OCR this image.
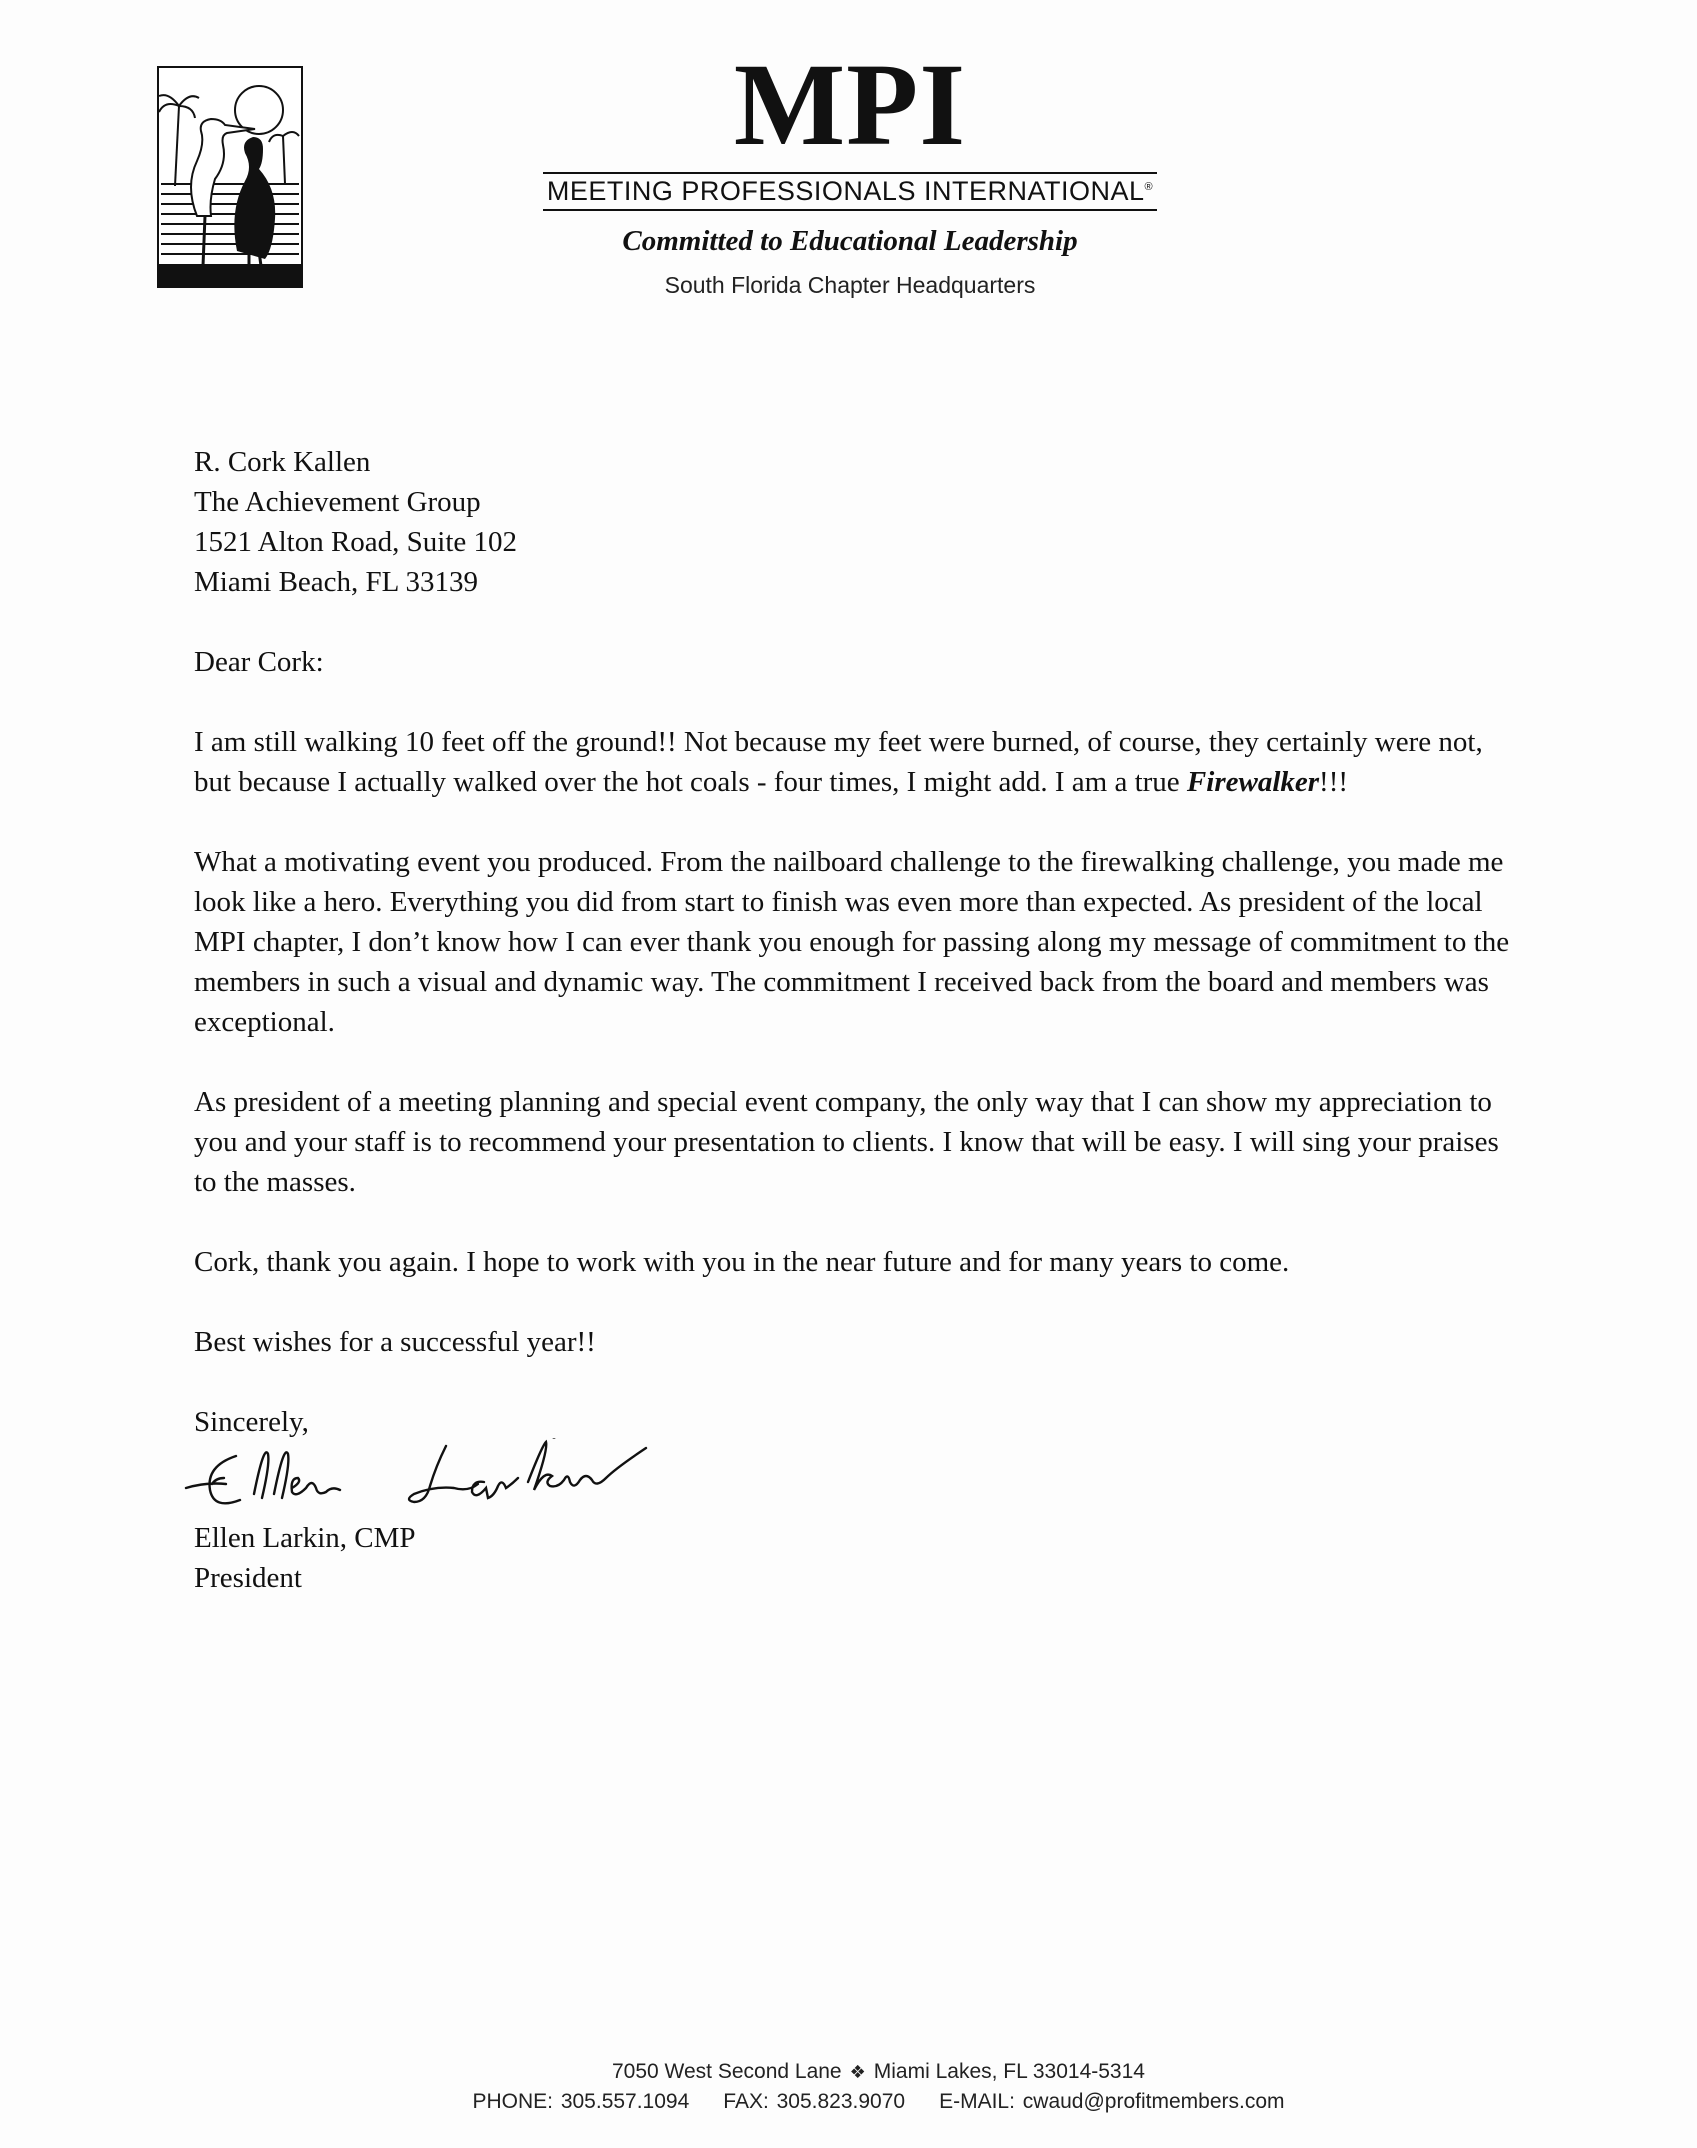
MPI
MEETING PROFESSIONALS INTERNATIONAL®
Committed to Educational Leadership
South Florida Chapter Headquarters
R. Cork Kallen
The Achievement Group
1521 Alton Road, Suite 102
Miami Beach, FL 33139

Dear Cork:

I am still walking 10 feet off the ground!! Not because my feet were burned, of course, they certainly were not, but because I actually walked over the hot coals - four times, I might add. I am a true Firewalker!!!

What a motivating event you produced. From the nailboard challenge to the firewalking challenge, you made me look like a hero. Everything you did from start to finish was even more than expected. As president of the local MPI chapter, I don’t know how I can ever thank you enough for passing along my message of commitment to the members in such a visual and dynamic way. The commitment I received back from the board and members was exceptional.

As president of a meeting planning and special event company, the only way that I can show my appreciation to you and your staff is to recommend your presentation to clients. I know that will be easy. I will sing your praises to the masses.

Cork, thank you again. I hope to work with you in the near future and for many years to come.

Best wishes for a successful year!!

Sincerely,
Ellen Larkin, CMP
President
7050 West Second Lane ❖ Miami Lakes, FL 33014-5314
PHONE: 305.557.1094 FAX: 305.823.9070 E-MAIL: cwaud@profitmembers.com
